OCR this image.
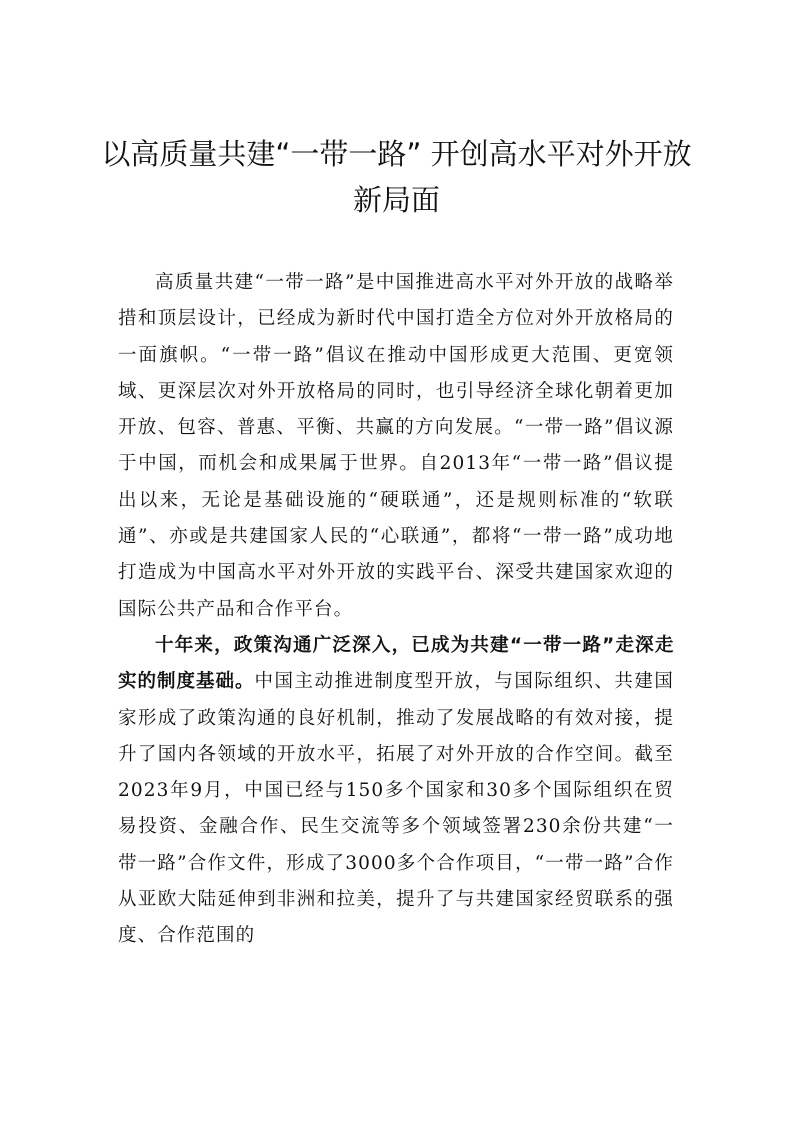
以高质量共建“一带一路” 开创高水平对外开放新局面

高质量共建“一带一路”是中国推进高水平对外开放的战略举措和顶层设计，已经成为新时代中国打造全方位对外开放格局的一面旗帜。“一带一路”倡议在推动中国形成更大范围、更宽领域、更深层次对外开放格局的同时，也引导经济全球化朝着更加开放、包容、普惠、平衡、共赢的方向发展。“一带一路”倡议源于中国，而机会和成果属于世界。自2013年“一带一路”倡议提出以来，无论是基础设施的“硬联通”，还是规则标准的“软联通”、亦或是共建国家人民的“心联通”，都将“一带一路”成功地打造成为中国高水平对外开放的实践平台、深受共建国家欢迎的国际公共产品和合作平台。

十年来，政策沟通广泛深入，已成为共建“一带一路”走深走实的制度基础。中国主动推进制度型开放，与国际组织、共建国家形成了政策沟通的良好机制，推动了发展战略的有效对接，提升了国内各领域的开放水平，拓展了对外开放的合作空间。截至2023年9月，中国已经与150多个国家和30多个国际组织在贸易投资、金融合作、民生交流等多个领域签署230余份共建“一带一路”合作文件，形成了3000多个合作项目，“一带一路”合作从亚欧大陆延伸到非洲和拉美，提升了与共建国家经贸联系的强度、合作范围的
